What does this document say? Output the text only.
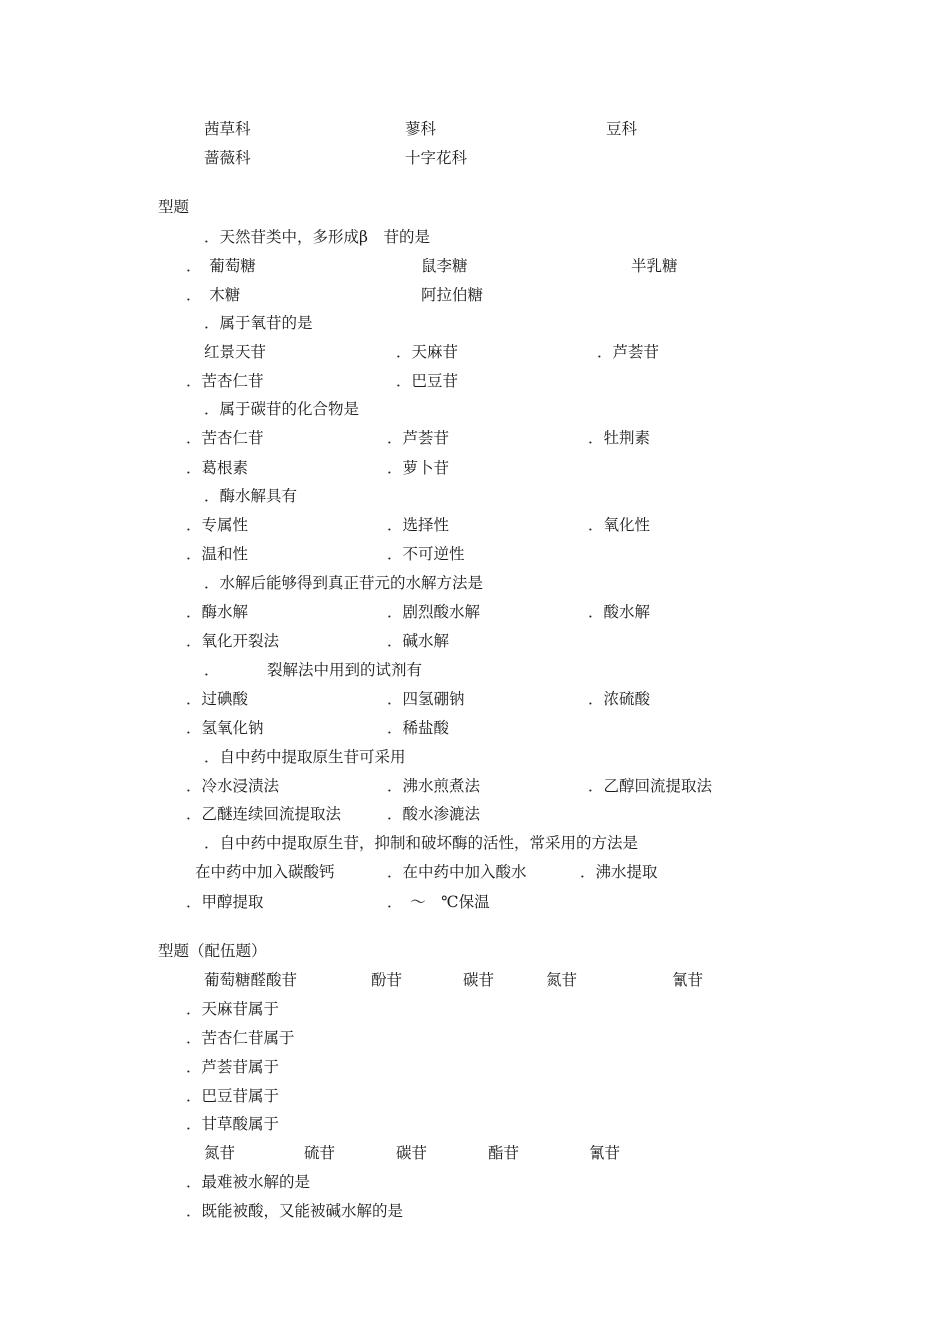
茜草科	蓼科	豆科
蔷薇科	十字花科
型题
．天然苷类中，多形成β　苷的是
．　葡萄糖	鼠李糖	半乳糖
．　木糖	阿拉伯糖
．属于氧苷的是
红景天苷	．天麻苷	．芦荟苷
．苦杏仁苷	．巴豆苷
．属于碳苷的化合物是
．苦杏仁苷	．芦荟苷	．牡荆素
．葛根素	．萝卜苷
．酶水解具有
．专属性	．选择性	．氧化性
．温和性	．不可逆性
．水解后能够得到真正苷元的水解方法是
．酶水解	．剧烈酸水解	．酸水解
．氧化开裂法	．碱水解
．	裂解法中用到的试剂有
．过碘酸	．四氢硼钠	．浓硫酸
．氢氧化钠	．稀盐酸
．自中药中提取原生苷可采用
．冷水浸渍法	．沸水煎煮法	．乙醇回流提取法
．乙醚连续回流提取法	．酸水渗漉法
．自中药中提取原生苷，抑制和破坏酶的活性，常采用的方法是
在中药中加入碳酸钙	．在中药中加入酸水	．沸水提取
．甲醇提取	．　～　℃保温
型题（配伍题）
葡萄糖醛酸苷	酚苷	碳苷	氮苷	氰苷
．天麻苷属于
．苦杏仁苷属于
．芦荟苷属于
．巴豆苷属于
．甘草酸属于
氮苷	硫苷	碳苷	酯苷	氰苷
．最难被水解的是
．既能被酸，又能被碱水解的是
